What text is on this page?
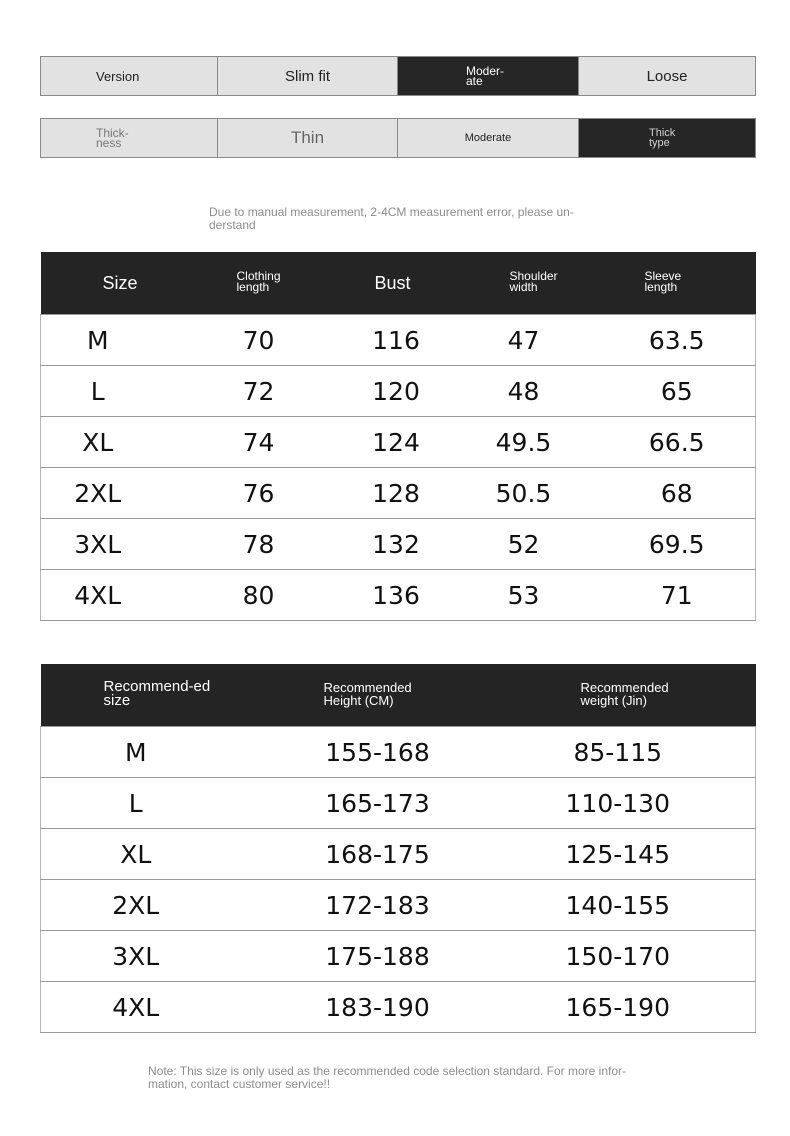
Version	Slim fit	Moder-ate	Loose
Thick-ness	Thin	Moderate	Thick type
Due to manual measurement, 2-4CM measurement error, please un-derstand
Size	Clothing length	Bust	Shoulder width	Sleeve length
M	70	116	47	63.5
L	72	120	48	65
XL	74	124	49.5	66.5
2XL	76	128	50.5	68
3XL	78	132	52	69.5
4XL	80	136	53	71
Recommend-ed size	Recommended Height (CM)	Recommended weight (Jin)
M	155-168	85-115
L	165-173	110-130
XL	168-175	125-145
2XL	172-183	140-155
3XL	175-188	150-170
4XL	183-190	165-190
Note: This size is only used as the recommended code selection standard. For more infor-mation, contact customer service!!
